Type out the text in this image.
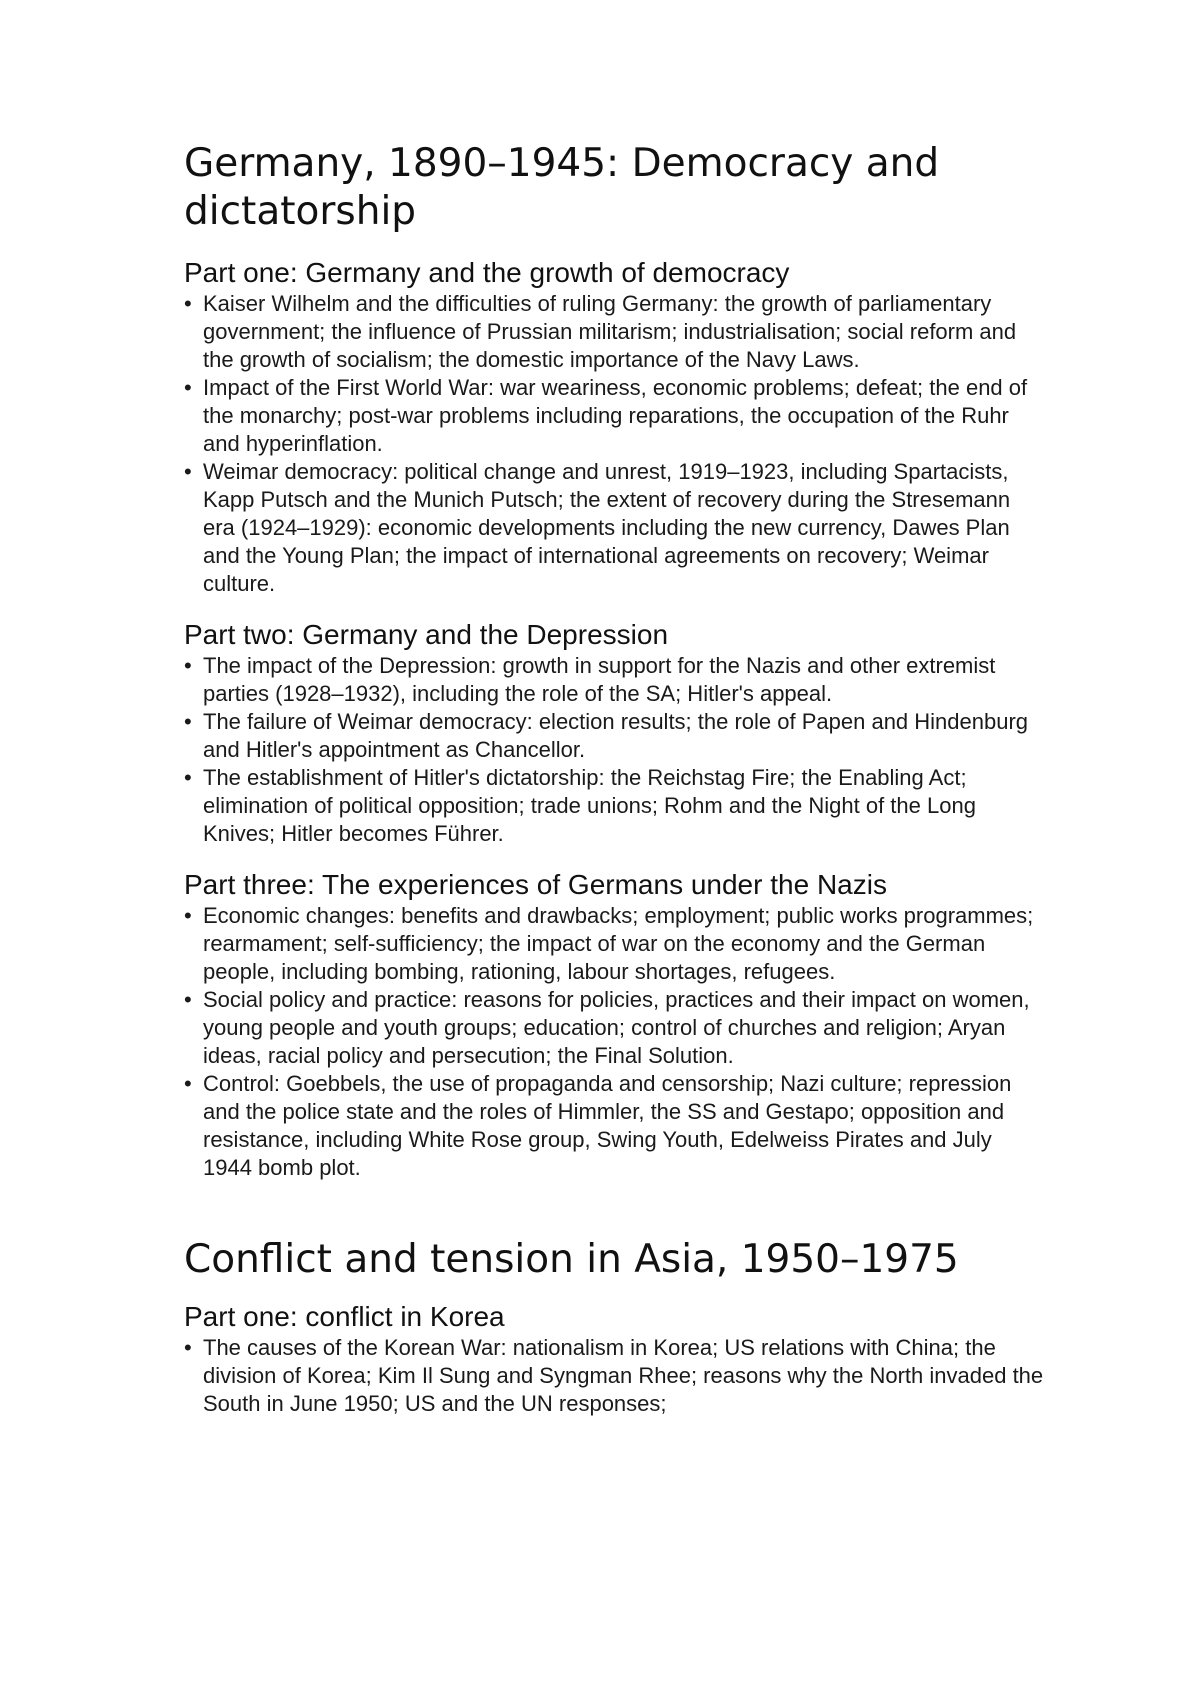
Germany, 1890–1945: Democracy and dictatorship
Part one: Germany and the growth of democracy
• Kaiser Wilhelm and the difficulties of ruling Germany: the growth of parliamentary government; the influence of Prussian militarism; industrialisation; social reform and the growth of socialism; the domestic importance of the Navy Laws.
• Impact of the First World War: war weariness, economic problems; defeat; the end of the monarchy; post-war problems including reparations, the occupation of the Ruhr and hyperinflation.
• Weimar democracy: political change and unrest, 1919–1923, including Spartacists, Kapp Putsch and the Munich Putsch; the extent of recovery during the Stresemann era (1924–1929): economic developments including the new currency, Dawes Plan and the Young Plan; the impact of international agreements on recovery; Weimar culture.
Part two: Germany and the Depression
• The impact of the Depression: growth in support for the Nazis and other extremist parties (1928–1932), including the role of the SA; Hitler's appeal.
• The failure of Weimar democracy: election results; the role of Papen and Hindenburg and Hitler's appointment as Chancellor.
• The establishment of Hitler's dictatorship: the Reichstag Fire; the Enabling Act; elimination of political opposition; trade unions; Rohm and the Night of the Long Knives; Hitler becomes Führer.
Part three: The experiences of Germans under the Nazis
• Economic changes: benefits and drawbacks; employment; public works programmes; rearmament; self-sufficiency; the impact of war on the economy and the German people, including bombing, rationing, labour shortages, refugees.
• Social policy and practice: reasons for policies, practices and their impact on women, young people and youth groups; education; control of churches and religion; Aryan ideas, racial policy and persecution; the Final Solution.
• Control: Goebbels, the use of propaganda and censorship; Nazi culture; repression and the police state and the roles of Himmler, the SS and Gestapo; opposition and resistance, including White Rose group, Swing Youth, Edelweiss Pirates and July 1944 bomb plot.
Conflict and tension in Asia, 1950–1975
Part one: conflict in Korea
• The causes of the Korean War: nationalism in Korea; US relations with China; the division of Korea; Kim Il Sung and Syngman Rhee; reasons why the North invaded the South in June 1950; US and the UN responses;
